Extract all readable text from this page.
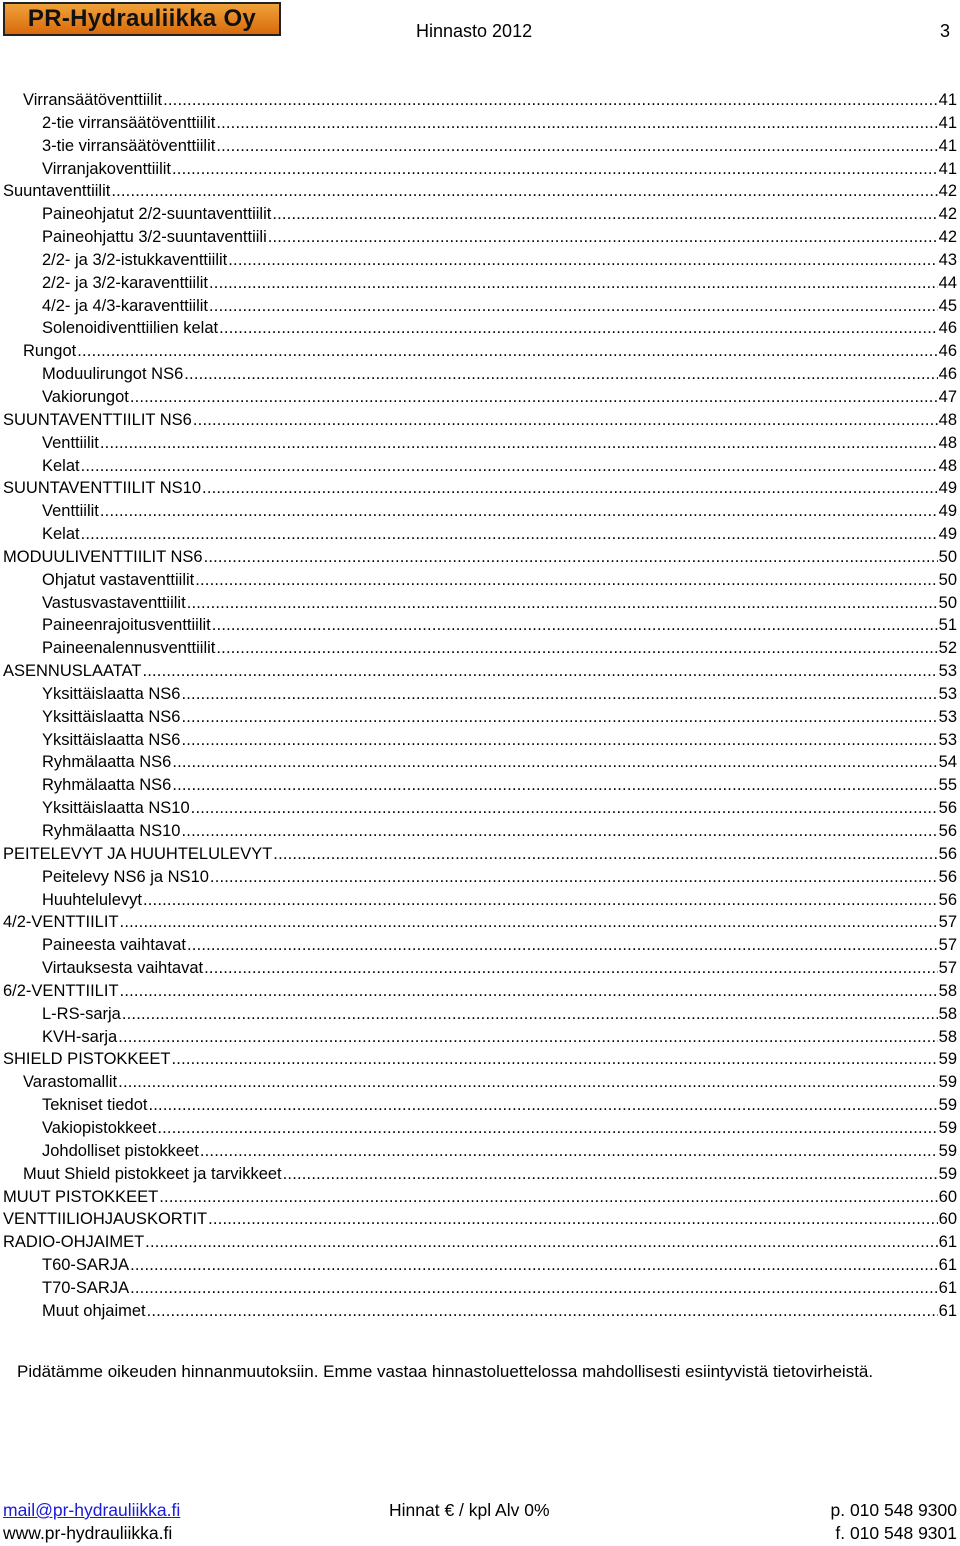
PR-Hydrauliikka Oy	Hinnasto 2012	3
Virransäätöventtiilit .....	41
2-tie virransäätöventtiilit .....	41
3-tie virransäätöventtiilit .....	41
Virranjakoventtiilit .....	41
Suuntaventtiilit .....	42
Paineohjatut 2/2-suuntaventtiilit .....	42
Paineohjattu 3/2-suuntaventtiili .....	42
2/2- ja 3/2-istukkaventtiilit .....	43
2/2- ja 3/2-karaventtiilit .....	44
4/2- ja 4/3-karaventtiilit .....	45
Solenoidiventtiilien kelat .....	46
Rungot .....	46
Moduulirungot NS6 .....	46
Vakiorungot .....	47
SUUNTAVENTTIILIT NS6 .....	48
Venttiilit .....	48
Kelat .....	48
SUUNTAVENTTIILIT NS10 .....	49
Venttiilit .....	49
Kelat .....	49
MODUULIVENTTIILIT NS6 .....	50
Ohjatut vastaventtiilit .....	50
Vastusvastaventtiilit .....	50
Paineenrajoitusventtiilit .....	51
Paineenalennusventtiilit .....	52
ASENNUSLAATAT .....	53
Yksittäislaatta NS6 .....	53
Yksittäislaatta NS6 .....	53
Yksittäislaatta NS6 .....	53
Ryhmälaatta NS6 .....	54
Ryhmälaatta NS6 .....	55
Yksittäislaatta NS10 .....	56
Ryhmälaatta NS10 .....	56
PEITELEVYT JA HUUHTELULEVYT .....	56
Peitelevy NS6 ja NS10 .....	56
Huuhtelulevyt .....	56
4/2-VENTTIILIT .....	57
Paineesta vaihtavat .....	57
Virtauksesta vaihtavat .....	57
6/2-VENTTIILIT .....	58
L-RS-sarja .....	58
KVH-sarja .....	58
SHIELD PISTOKKEET .....	59
Varastomallit .....	59
Tekniset tiedot .....	59
Vakiopistokkeet .....	59
Johdolliset pistokkeet .....	59
Muut Shield pistokkeet ja tarvikkeet .....	59
MUUT PISTOKKEET .....	60
VENTTIILIOHJAUSKORTIT .....	60
RADIO-OHJAIMET .....	61
T60-SARJA .....	61
T70-SARJA .....	61
Muut ohjaimet .....	61
Pidätämme oikeuden hinnanmuutoksiin. Emme vastaa hinnastoluettelossa mahdollisesti esiintyvistä tietovirheistä.
mail@pr-hydrauliikka.fi
www.pr-hydrauliikka.fi
Hinnat € / kpl Alv 0%	p. 010 548 9300
f. 010 548 9301
